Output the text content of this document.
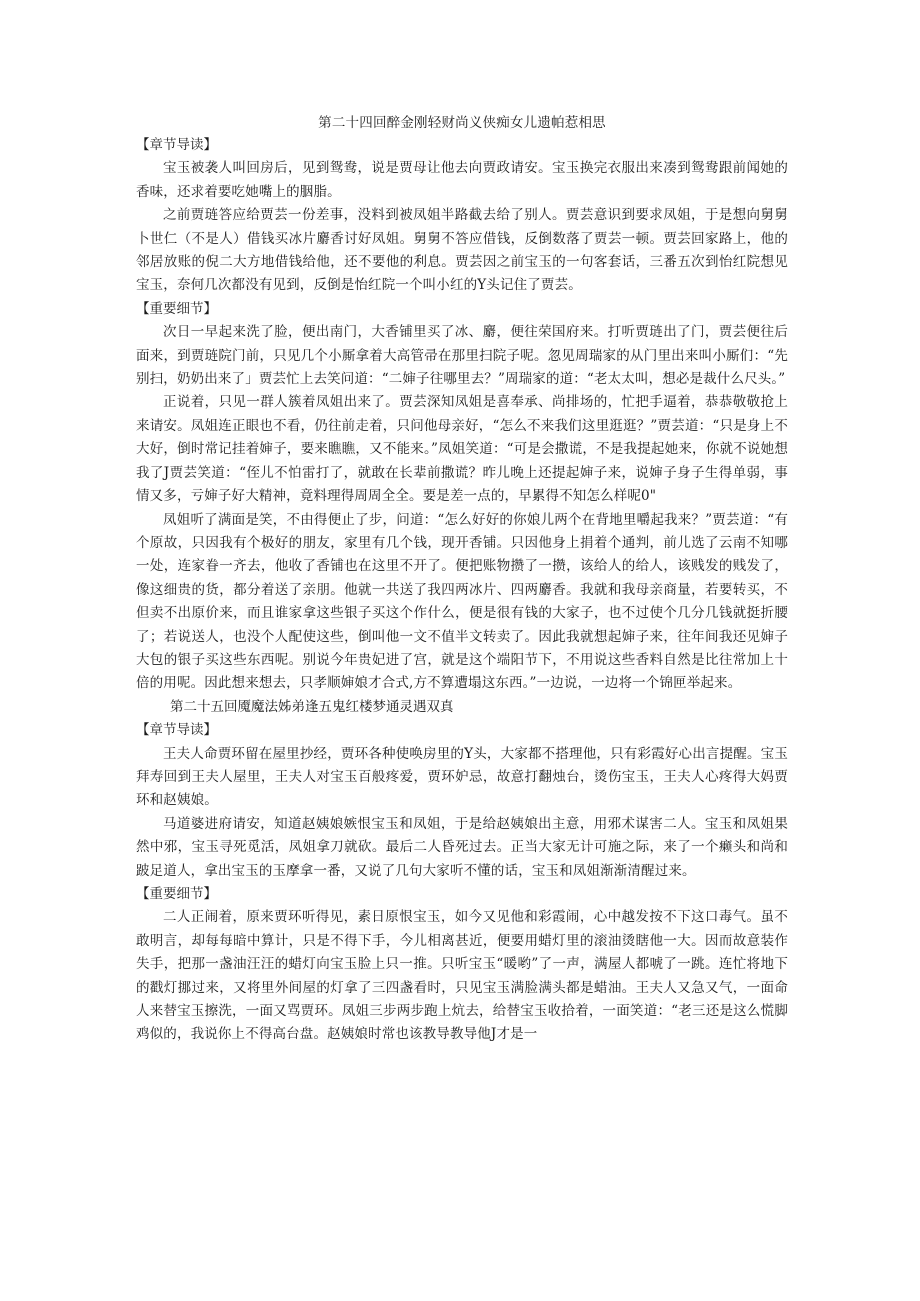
第二十四回醉金刚轻财尚义侠痴女儿遗帕惹相思

【章节导读】

宝玉被袭人叫回房后，见到鸳鸯，说是贾母让他去向贾政请安。宝玉换完衣服出来凑到鸳鸯跟前闻她的香味，还求着要吃她嘴上的胭脂。

之前贾琏答应给贾芸一份差事，没料到被凤姐半路截去给了别人。贾芸意识到要求凤姐，于是想向舅舅卜世仁（不是人）借钱买冰片麝香讨好凤姐。舅舅不答应借钱，反倒数落了贾芸一顿。贾芸回家路上，他的邻居放账的倪二大方地借钱给他，还不要他的利息。贾芸因之前宝玉的一句客套话，三番五次到怡红院想见宝玉，奈何几次都没有见到，反倒是怡红院一个叫小红的Y头记住了贾芸。

【重要细节】

次日一早起来洗了脸，便出南门，大香铺里买了冰、麝，便往荣国府来。打听贾琏出了门，贾芸便往后面来，到贾琏院门前，只见几个小厮拿着大高管帚在那里扫院子呢。忽见周瑞家的从门里出来叫小厮们：“先别扫，奶奶出来了」贾芸忙上去笑问道：“二婶子往哪里去？”周瑞家的道：“老太太叫，想必是裁什么尺头。”

正说着，只见一群人簇着凤姐出来了。贾芸深知凤姐是喜奉承、尚排场的，忙把手逼着，恭恭敬敬抢上来请安。凤姐连正眼也不看，仍往前走着，只问他母亲好，“怎么不来我们这里逛逛？”贾芸道：“只是身上不大好，倒时常记挂着婶子，要来瞧瞧，又不能来。”凤姐笑道：“可是会撒谎，不是我提起她来，你就不说她想我了J贾芸笑道：“侄儿不怕雷打了，就敢在长辈前撒谎？昨儿晚上还提起婶子来，说婶子身子生得单弱，事情又多，亏婶子好大精神，竟料理得周周全全。要是差一点的，早累得不知怎么样呢0"

凤姐听了满面是笑，不由得便止了步，问道：“怎么好好的你娘儿两个在背地里嚼起我来？”贾芸道：“有个原故，只因我有个极好的朋友，家里有几个钱，现开香铺。只因他身上捐着个通判，前儿选了云南不知哪一处，连家眷一齐去，他收了香铺也在这里不开了。便把账物攒了一攒，该给人的给人，该贱发的贱发了，像这细贵的货，都分着送了亲朋。他就一共送了我四两冰片、四两麝香。我就和我母亲商量，若要转买，不但卖不出原价来，而且谁家拿这些银子买这个作什么，便是很有钱的大家子，也不过使个几分几钱就挺折腰了；若说送人，也没个人配使这些，倒叫他一文不值半文转卖了。因此我就想起婶子来，往年间我还见婶子大包的银子买这些东西呢。别说今年贵妃进了宫，就是这个端阳节下，不用说这些香料自然是比往常加上十倍的用呢。因此想来想去，只孝顺婶娘才合式,方不算遭塌这东西。”一边说，一边将一个锦匣举起来。

第二十五回魇魔法姊弟逢五鬼红楼梦通灵遇双真

【章节导读】

王夫人命贾环留在屋里抄经，贾环各种使唤房里的Y头，大家都不搭理他，只有彩霞好心出言提醒。宝玉拜寿回到王夫人屋里，王夫人对宝玉百般疼爱，贾环妒忌，故意打翻烛台，烫伤宝玉，王夫人心疼得大妈贾环和赵姨娘。

马道婆进府请安，知道赵姨娘嫉恨宝玉和凤姐，于是给赵姨娘出主意，用邪术谋害二人。宝玉和凤姐果然中邪，宝玉寻死觅活，凤姐拿刀就砍。最后二人昏死过去。正当大家无计可施之际，来了一个癞头和尚和跛足道人，拿出宝玉的玉摩拿一番，又说了几句大家听不懂的话，宝玉和凤姐渐渐清醒过来。

【重要细节】

二人正闹着，原来贾环听得见，素日原恨宝玉，如今又见他和彩霞闹，心中越发按不下这口毒气。虽不敢明言，却每每暗中算计，只是不得下手，今儿相离甚近，便要用蜡灯里的滚油烫瞎他一大。因而故意装作失手，把那一盏油汪汪的蜡灯向宝玉脸上只一推。只听宝玉“暖哟”了一声，满屋人都唬了一跳。连忙将地下的戳灯挪过来，又将里外间屋的灯拿了三四盏看时，只见宝玉满脸满头都是蜡油。王夫人又急又气，一面命人来替宝玉擦洗，一面又骂贾环。凤姐三步两步跑上炕去，给替宝玉收拾着，一面笑道：“老三还是这么慌脚鸡似的，我说你上不得高台盘。赵姨娘时常也该教导教导他J才是一
